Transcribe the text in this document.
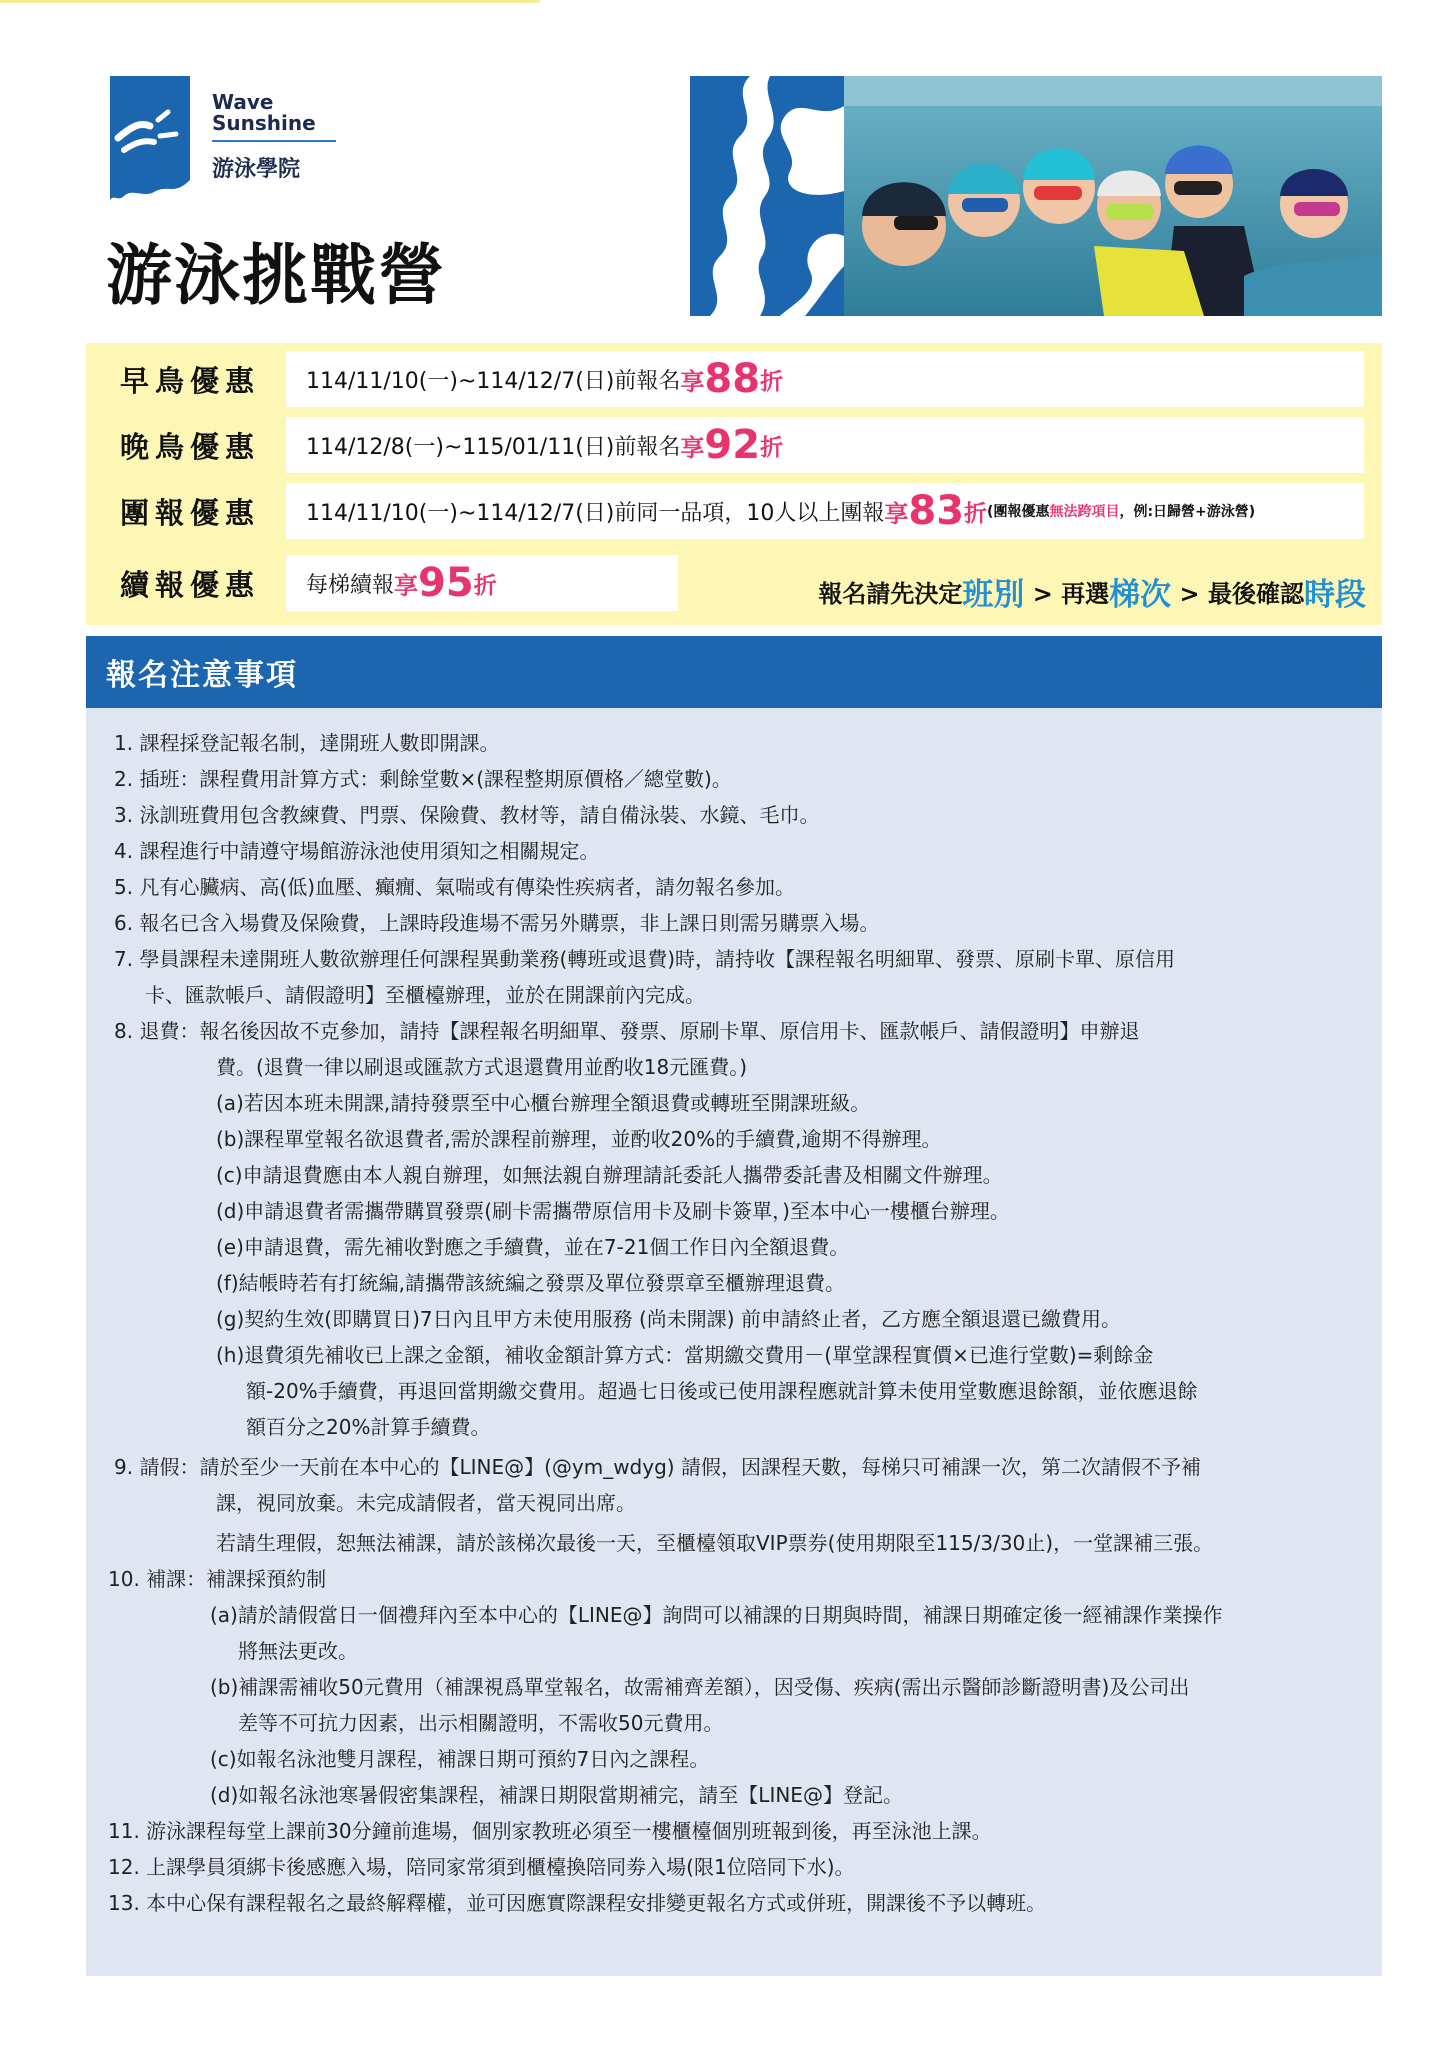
Wave
Sunshine
游泳學院
游泳挑戰營
早鳥優惠	114/11/10(一)~114/12/7(日)前報名 享 88 折
晚鳥優惠	114/12/8(一)~115/01/11(日)前報名 享 92 折
團報優惠	114/11/10(一)~114/12/7(日)前同一品項，10人以上團報 享 83 折 (團報優惠無法跨項目，例:日歸營+游泳營)
續報優惠	每梯續報 享 95 折	報名請先決定 班別 > 再選 梯次 > 最後確認 時段
報名注意事項
1. 課程採登記報名制，達開班人數即開課。
2. 插班：課程費用計算方式：剩餘堂數×(課程整期原價格／總堂數)。
3. 泳訓班費用包含教練費、門票、保險費、教材等，請自備泳裝、水鏡、毛巾。
4. 課程進行中請遵守場館游泳池使用須知之相關規定。
5. 凡有心臟病、高(低)血壓、癲癇、氣喘或有傳染性疾病者，請勿報名參加。
6. 報名已含入場費及保險費，上課時段進場不需另外購票，非上課日則需另購票入場。
7. 學員課程未達開班人數欲辦理任何課程異動業務(轉班或退費)時，請持收【課程報名明細單、發票、原刷卡單、原信用
卡、匯款帳戶、請假證明】至櫃檯辦理，並於在開課前內完成。
8. 退費：報名後因故不克參加，請持【課程報名明細單、發票、原刷卡單、原信用卡、匯款帳戶、請假證明】申辦退
費。(退費一律以刷退或匯款方式退還費用並酌收18元匯費。)
(a)若因本班未開課,請持發票至中心櫃台辦理全額退費或轉班至開課班級。
(b)課程單堂報名欲退費者,需於課程前辦理，並酌收20%的手續費,逾期不得辦理。
(c)申請退費應由本人親自辦理，如無法親自辦理請託委託人攜帶委託書及相關文件辦理。
(d)申請退費者需攜帶購買發票(刷卡需攜帶原信用卡及刷卡簽單，)至本中心一樓櫃台辦理。
(e)申請退費，需先補收對應之手續費，並在7-21個工作日內全額退費。
(f)結帳時若有打統編,請攜帶該統編之發票及單位發票章至櫃辦理退費。
(g)契約生效(即購買日)7日內且甲方未使用服務 (尚未開課) 前申請終止者，乙方應全額退還已繳費用。
(h)退費須先補收已上課之金額，補收金額計算方式：當期繳交費用－(單堂課程實價×已進行堂數)=剩餘金
額-20%手續費，再退回當期繳交費用。超過七日後或已使用課程應就計算未使用堂數應退餘額，並依應退餘
額百分之20%計算手續費。
9. 請假：請於至少一天前在本中心的【LINE@】(@ym_wdyg) 請假，因課程天數，每梯只可補課一次，第二次請假不予補
課，視同放棄。未完成請假者，當天視同出席。
若請生理假，恕無法補課，請於該梯次最後一天，至櫃檯領取VIP票券(使用期限至115/3/30止)，一堂課補三張。
10. 補課：補課採預約制
(a)請於請假當日一個禮拜內至本中心的【LINE@】詢問可以補課的日期與時間，補課日期確定後一經補課作業操作
將無法更改。
(b)補課需補收50元費用（補課視爲單堂報名，故需補齊差額），因受傷、疾病(需出示醫師診斷證明書)及公司出
差等不可抗力因素，出示相關證明，不需收50元費用。
(c)如報名泳池雙月課程，補課日期可預約7日內之課程。
(d)如報名泳池寒暑假密集課程，補課日期限當期補完，請至【LINE@】登記。
11. 游泳課程每堂上課前30分鐘前進場，個別家教班必須至一樓櫃檯個別班報到後，再至泳池上課。
12. 上課學員須綁卡後感應入場，陪同家常須到櫃檯換陪同劵入場(限1位陪同下水)。
13. 本中心保有課程報名之最終解釋權，並可因應實際課程安排變更報名方式或併班，開課後不予以轉班。
